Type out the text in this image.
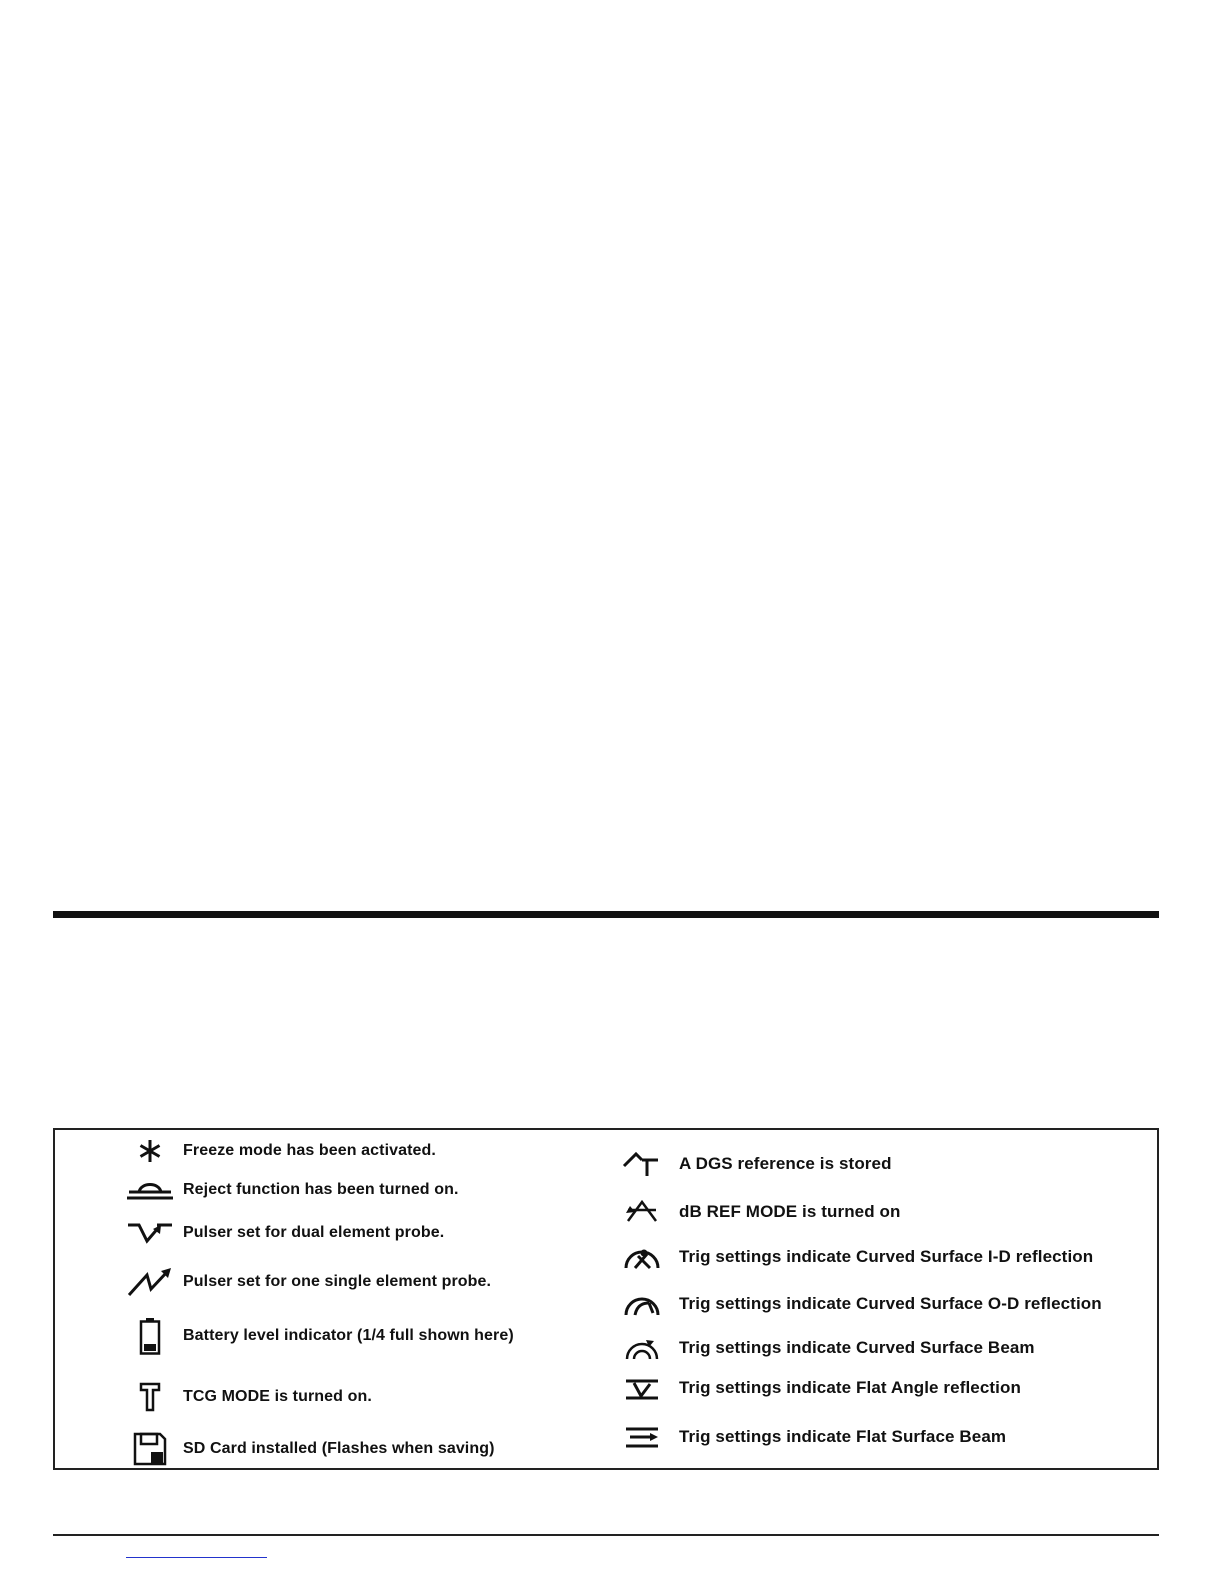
Freeze mode has been activated.
Reject function has been turned on.
Pulser set for dual element probe.
Pulser set for one single element probe.
Battery level indicator (1/4 full shown here)
TCG MODE is turned on.
SD Card installed (Flashes when saving)
A DGS reference is stored
dB REF MODE is turned on
Trig settings indicate Curved Surface I-D reflection
Trig settings indicate Curved Surface O-D reflection
Trig settings indicate Curved Surface Beam
Trig settings indicate Flat Angle reflection
Trig settings indicate Flat Surface Beam
